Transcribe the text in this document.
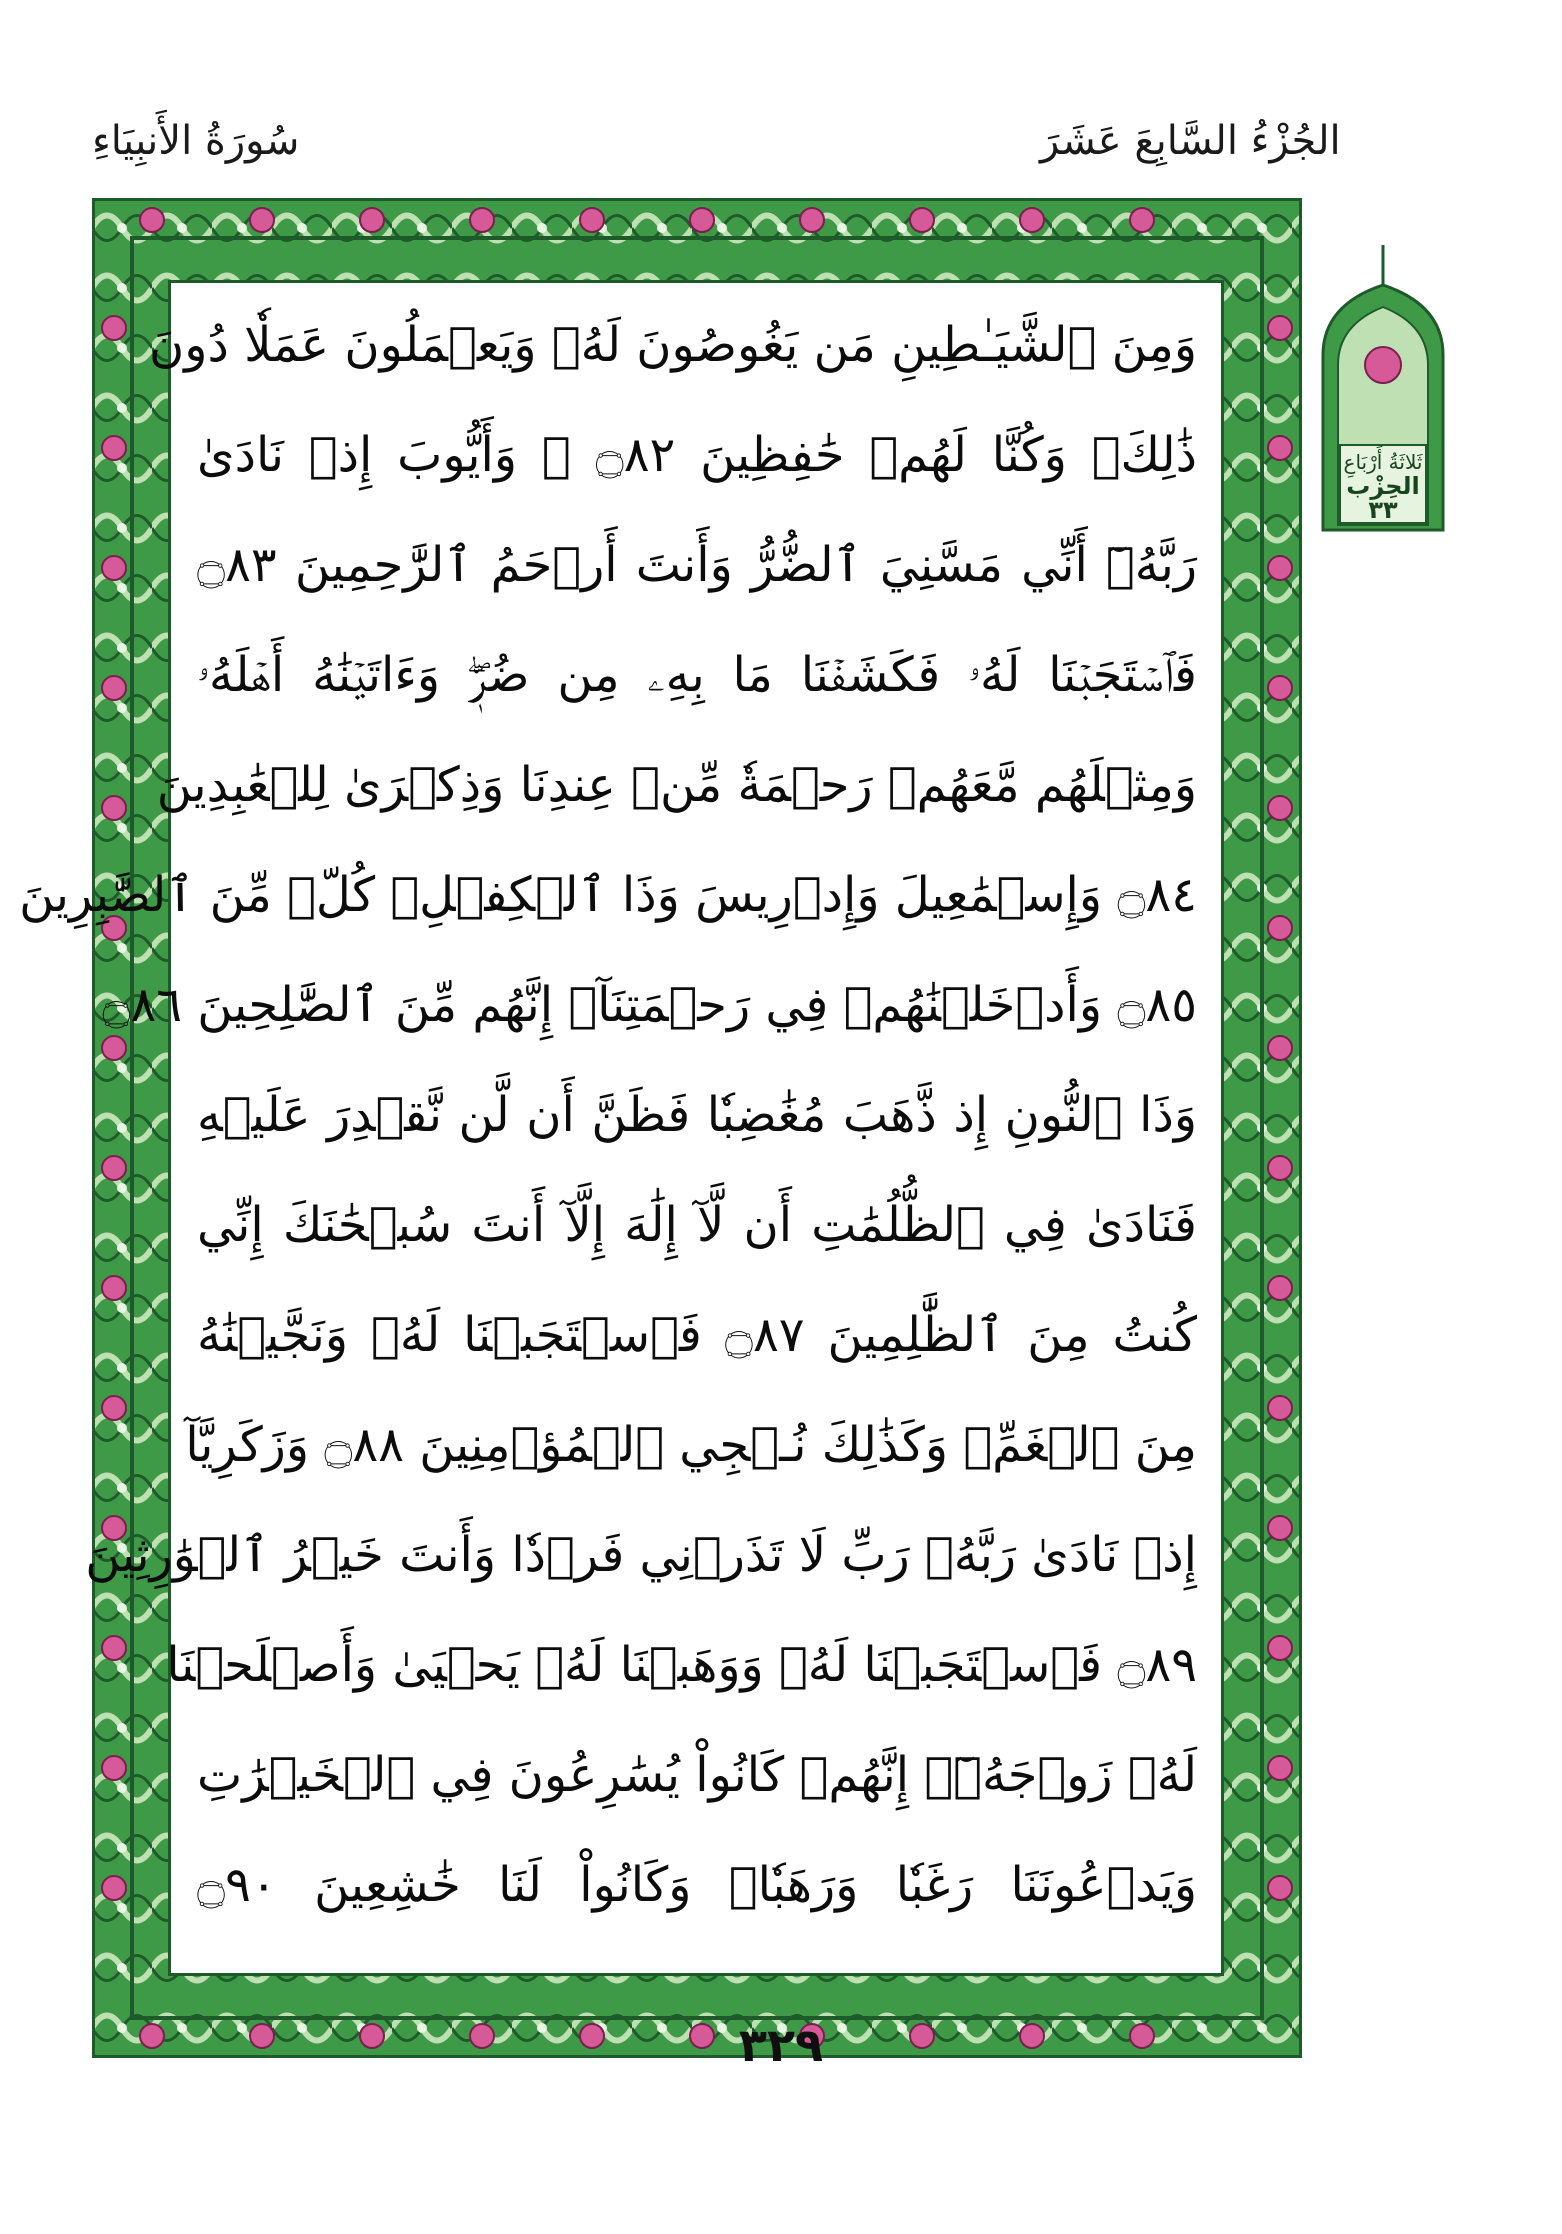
الجُزْءُ السَّابِعَ عَشَرَ
سُورَةُ الأَنبِيَاءِ
وَمِنَ ٱلشَّيَـٰطِينِ مَن يَغُوصُونَ لَهُۥ وَيَعۡمَلُونَ عَمَلٗا دُونَ
ذَٰلِكَۖ وَكُنَّا لَهُمۡ حَٰفِظِينَ ۝٨٢ ۞ وَأَيُّوبَ إِذۡ نَادَىٰ
رَبَّهُۥٓ أَنِّي مَسَّنِيَ ٱلضُّرُّ وَأَنتَ أَرۡحَمُ ٱلرَّٰحِمِينَ ۝٨٣
فَٱسۡتَجَبۡنَا لَهُۥ فَكَشَفۡنَا مَا بِهِۦ مِن ضُرّٖۖ وَءَاتَيۡنَٰهُ أَهۡلَهُۥ
وَمِثۡلَهُم مَّعَهُمۡ رَحۡمَةٗ مِّنۡ عِندِنَا وَذِكۡرَىٰ لِلۡعَٰبِدِينَ
۝٨٤ وَإِسۡمَٰعِيلَ وَإِدۡرِيسَ وَذَا ٱلۡكِفۡلِۖ كُلّٞ مِّنَ ٱلصَّٰبِرِينَ
۝٨٥ وَأَدۡخَلۡنَٰهُمۡ فِي رَحۡمَتِنَآۖ إِنَّهُم مِّنَ ٱلصَّٰلِحِينَ ۝٨٦
وَذَا ٱلنُّونِ إِذ ذَّهَبَ مُغَٰضِبٗا فَظَنَّ أَن لَّن نَّقۡدِرَ عَلَيۡهِ
فَنَادَىٰ فِي ٱلظُّلُمَٰتِ أَن لَّآ إِلَٰهَ إِلَّآ أَنتَ سُبۡحَٰنَكَ إِنِّي
كُنتُ مِنَ ٱلظَّٰلِمِينَ ۝٨٧ فَٱسۡتَجَبۡنَا لَهُۥ وَنَجَّيۡنَٰهُ
مِنَ ٱلۡغَمِّۚ وَكَذَٰلِكَ نُـۨجِي ٱلۡمُؤۡمِنِينَ ۝٨٨ وَزَكَرِيَّآ
إِذۡ نَادَىٰ رَبَّهُۥ رَبِّ لَا تَذَرۡنِي فَرۡدٗا وَأَنتَ خَيۡرُ ٱلۡوَٰرِثِينَ
۝٨٩ فَٱسۡتَجَبۡنَا لَهُۥ وَوَهَبۡنَا لَهُۥ يَحۡيَىٰ وَأَصۡلَحۡنَا
لَهُۥ زَوۡجَهُۥٓۚ إِنَّهُمۡ كَانُواْ يُسَٰرِعُونَ فِي ٱلۡخَيۡرَٰتِ
وَيَدۡعُونَنَا رَغَبٗا وَرَهَبٗاۖ وَكَانُواْ لَنَا خَٰشِعِينَ ۝٩٠
ثَلاثَةُ أَرْبَاعِ
الحِزْب
٣٣
٣٢٩
